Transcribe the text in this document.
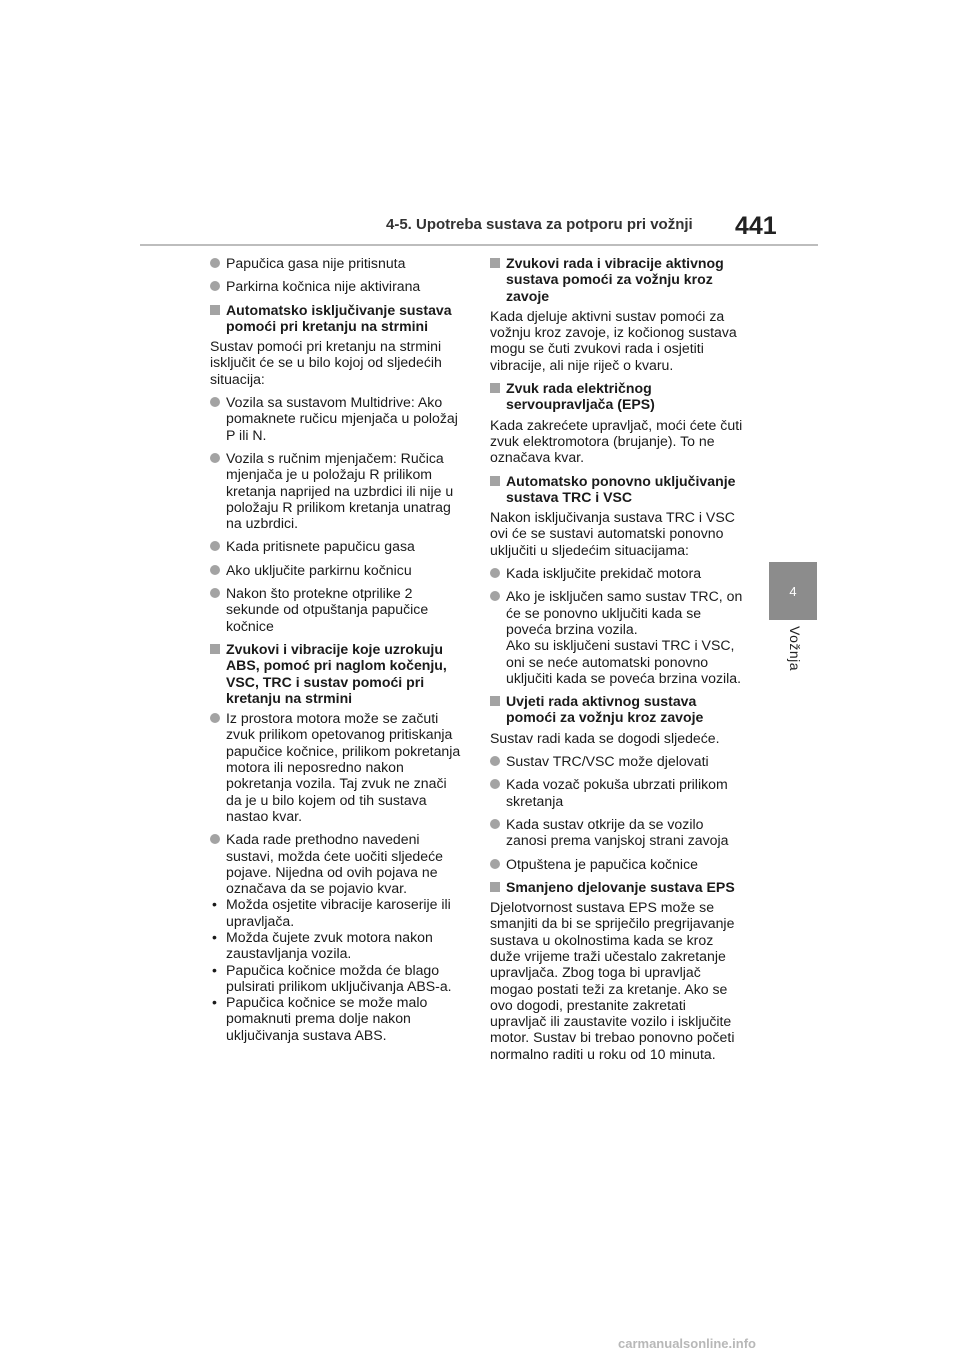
4-5. Upotreba sustava za potporu pri vožnji 441
4
Vožnja
Papučica gasa nije pritisnuta
Parkirna kočnica nije aktivirana
Automatsko isključivanje sustava pomoći pri kretanju na strmini
Sustav pomoći pri kretanju na strmini isključit će se u bilo kojoj od sljedećih situacija:
Vozila sa sustavom Multidrive: Ako pomaknete ručicu mjenjača u položaj P ili N.
Vozila s ručnim mjenjačem: Ručica mjenjača je u položaju R prilikom kretanja naprijed na uzbrdici ili nije u položaju R prilikom kretanja unatrag na uzbrdici.
Kada pritisnete papučicu gasa
Ako uključite parkirnu kočnicu
Nakon što protekne otprilike 2 sekunde od otpuštanja papučice kočnice
Zvukovi i vibracije koje uzrokuju ABS, pomoć pri naglom kočenju, VSC, TRC i sustav pomoći pri kretanju na strmini
Iz prostora motora može se začuti zvuk prilikom opetovanog pritiskanja papučice kočnice, prilikom pokretanja motora ili neposredno nakon pokretanja vozila. Taj zvuk ne znači da je u bilo kojem od tih sustava nastao kvar.
Kada rade prethodno navedeni sustavi, možda ćete uočiti sljedeće pojave. Nijedna od ovih pojava ne označava da se pojavio kvar.
• Možda osjetite vibracije karoserije ili upravljača.
• Možda čujete zvuk motora nakon zaustavljanja vozila.
• Papučica kočnice možda će blago pulsirati prilikom uključivanja ABS-a.
• Papučica kočnice se može malo pomaknuti prema dolje nakon uključivanja sustava ABS.
Zvukovi rada i vibracije aktivnog sustava pomoći za vožnju kroz zavoje
Kada djeluje aktivni sustav pomoći za vožnju kroz zavoje, iz kočionog sustava mogu se čuti zvukovi rada i osjetiti vibracije, ali nije riječ o kvaru.
Zvuk rada električnog servoupravljača (EPS)
Kada zakrećete upravljač, moći ćete čuti zvuk elektromotora (brujanje). To ne označava kvar.
Automatsko ponovno uključivanje sustava TRC i VSC
Nakon isključivanja sustava TRC i VSC ovi će se sustavi automatski ponovno uključiti u sljedećim situacijama:
Kada isključite prekidač motora
Ako je isključen samo sustav TRC, on će se ponovno uključiti kada se poveća brzina vozila.
Ako su isključeni sustavi TRC i VSC, oni se neće automatski ponovno uključiti kada se poveća brzina vozila.
Uvjeti rada aktivnog sustava pomoći za vožnju kroz zavoje
Sustav radi kada se dogodi sljedeće.
Sustav TRC/VSC može djelovati
Kada vozač pokuša ubrzati prilikom skretanja
Kada sustav otkrije da se vozilo zanosi prema vanjskoj strani zavoja
Otpuštena je papučica kočnice
Smanjeno djelovanje sustava EPS
Djelotvornost sustava EPS može se smanjiti da bi se spriječilo pregrijavanje sustava u okolnostima kada se kroz duže vrijeme traži učestalo zakretanje upravljača. Zbog toga bi upravljač mogao postati teži za kretanje. Ako se ovo dogodi, prestanite zakretati upravljač ili zaustavite vozilo i isključite motor. Sustav bi trebao ponovno početi normalno raditi u roku od 10 minuta.
carmanualsonline.info
